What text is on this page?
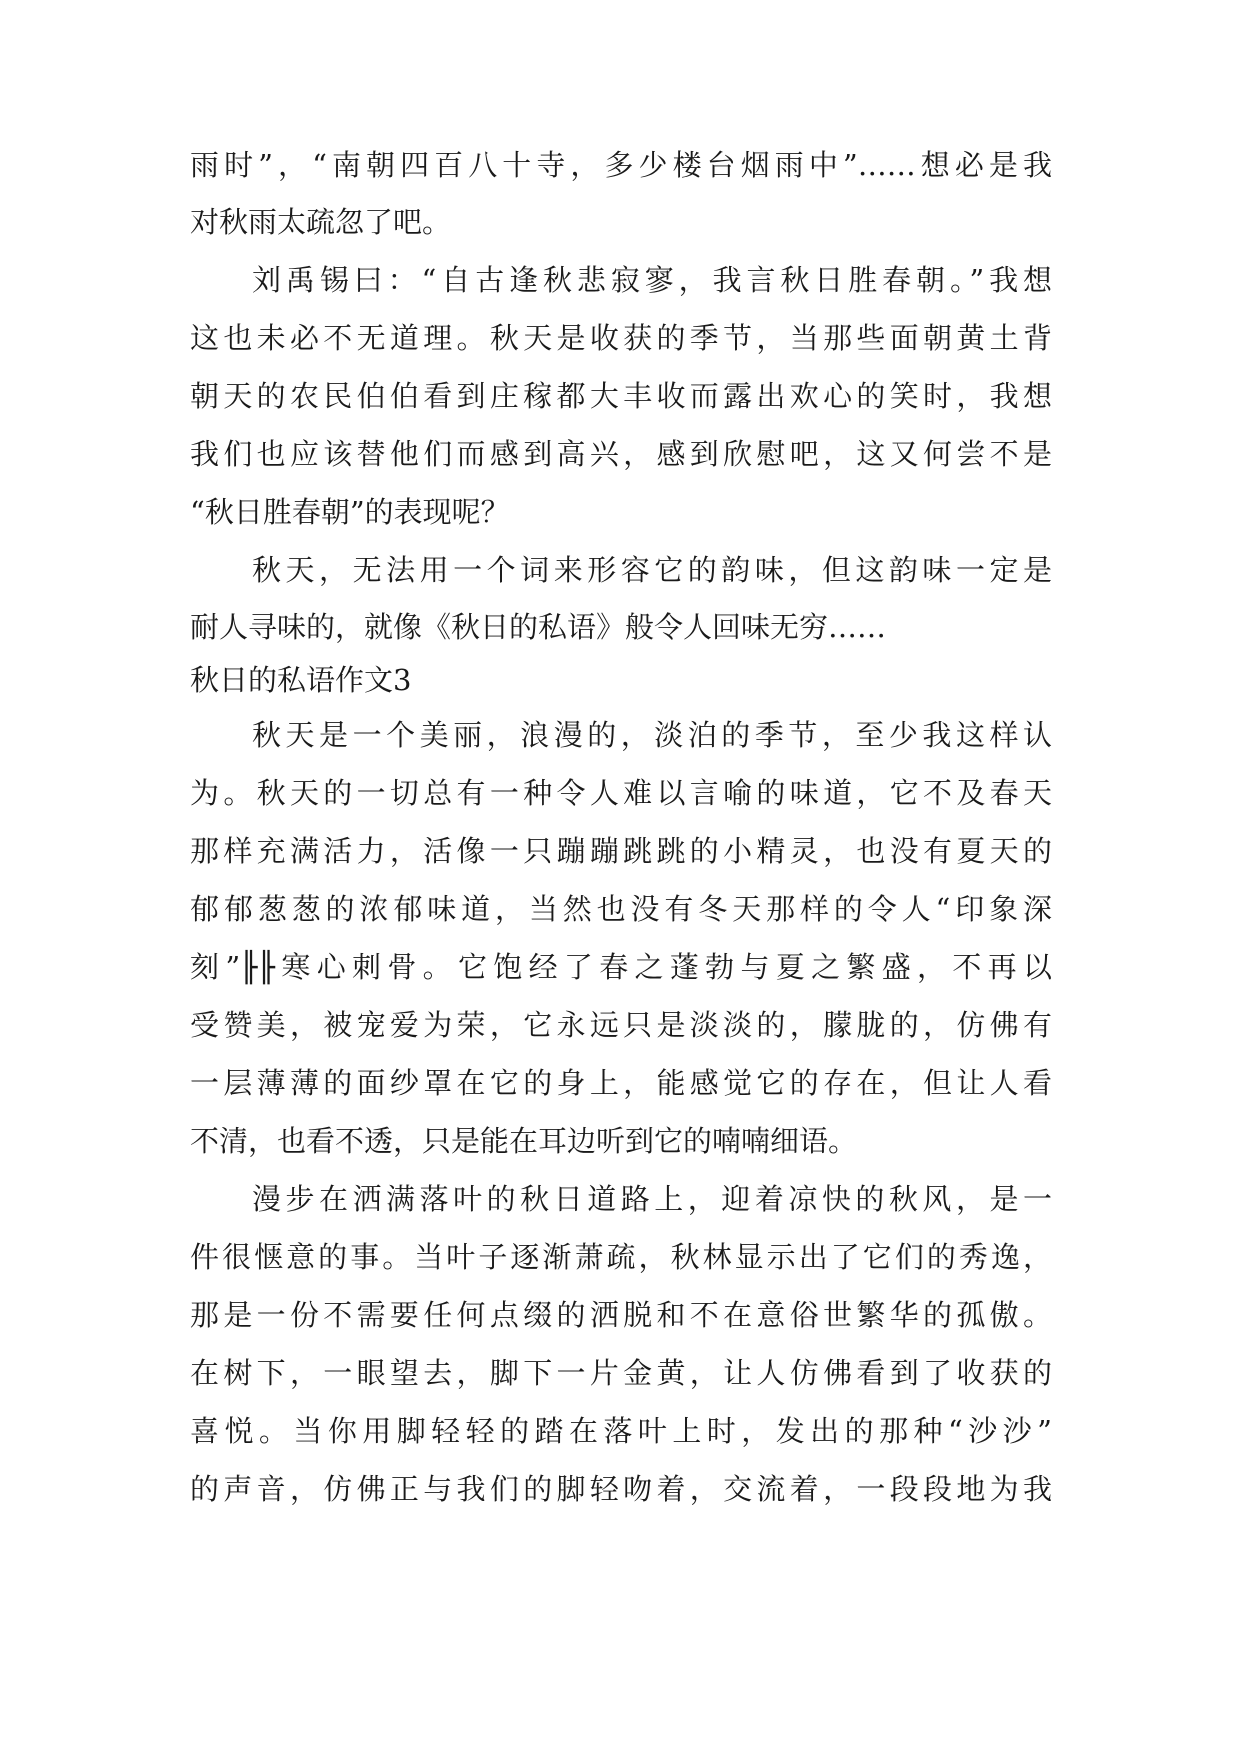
雨时”，“南朝四百八十寺，多少楼台烟雨中”……想必是我
对秋雨太疏忽了吧。
刘禹锡曰：“自古逢秋悲寂寥，我言秋日胜春朝。”我想
这也未必不无道理。秋天是收获的季节，当那些面朝黄土背
朝天的农民伯伯看到庄稼都大丰收而露出欢心的笑时，我想
我们也应该替他们而感到高兴，感到欣慰吧，这又何尝不是
“秋日胜春朝”的表现呢？
秋天，无法用一个词来形容它的韵味，但这韵味一定是
耐人寻味的，就像《秋日的私语》般令人回味无穷……
秋日的私语作文3
秋天是一个美丽，浪漫的，淡泊的季节，至少我这样认
为。秋天的一切总有一种令人难以言喻的味道，它不及春天
那样充满活力，活像一只蹦蹦跳跳的小精灵，也没有夏天的
郁郁葱葱的浓郁味道，当然也没有冬天那样的令人“印象深
刻”╟╟寒心刺骨。它饱经了春之蓬勃与夏之繁盛，不再以
受赞美，被宠爱为荣，它永远只是淡淡的，朦胧的，仿佛有
一层薄薄的面纱罩在它的身上，能感觉它的存在，但让人看
不清，也看不透，只是能在耳边听到它的喃喃细语。
漫步在洒满落叶的秋日道路上，迎着凉快的秋风，是一
件很惬意的事。当叶子逐渐萧疏，秋林显示出了它们的秀逸，
那是一份不需要任何点缀的洒脱和不在意俗世繁华的孤傲。
在树下，一眼望去，脚下一片金黄，让人仿佛看到了收获的
喜悦。当你用脚轻轻的踏在落叶上时，发出的那种“沙沙”
的声音，仿佛正与我们的脚轻吻着，交流着，一段段地为我
